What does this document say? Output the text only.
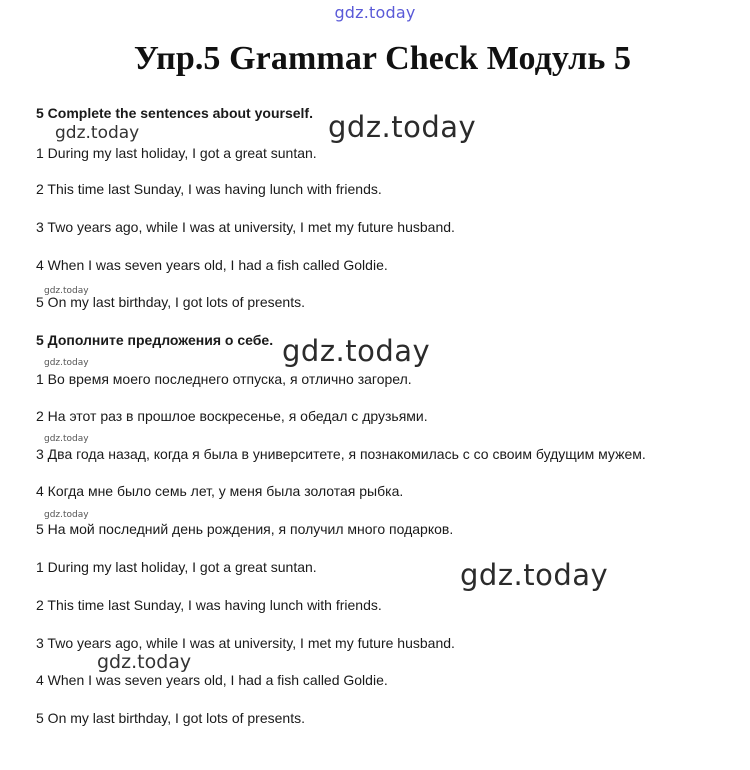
gdz.today
Упр.5 Grammar Check Модуль 5
5 Complete the sentences about yourself.
1 During my last holiday, I got a great suntan.
2 This time last Sunday, I was having lunch with friends.
3 Two years ago, while I was at university, I met my future husband.
4 When I was seven years old, I had a fish called Goldie.
5 On my last birthday, I got lots of presents.
5 Дополните предложения о себе.
1 Во время моего последнего отпуска, я отлично загорел.
2 На этот раз в прошлое воскресенье, я обедал с друзьями.
3 Два года назад, когда я была в университете, я познакомилась с со своим будущим мужем.
4 Когда мне было семь лет, у меня была золотая рыбка.
5 На мой последний день рождения, я получил много подарков.
1 During my last holiday, I got a great suntan.
2 This time last Sunday, I was having lunch with friends.
3 Two years ago, while I was at university, I met my future husband.
4 When I was seven years old, I had a fish called Goldie.
5 On my last birthday, I got lots of presents.
gdz.today
gdz.today
gdz.today
gdz.today
gdz.today
gdz.today
gdz.today
gdz.today
gdz.today
